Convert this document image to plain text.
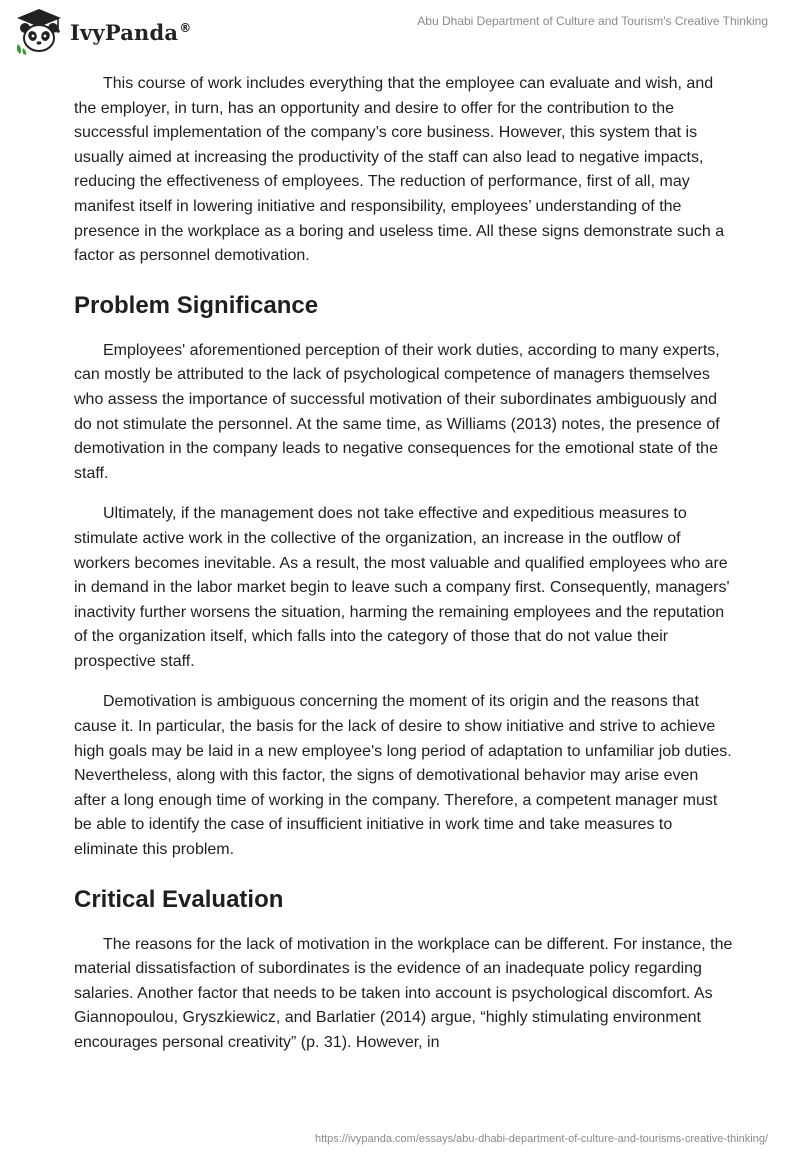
IvyPanda®	Abu Dhabi Department of Culture and Tourism's Creative Thinking

This course of work includes everything that the employee can evaluate and wish, and the employer, in turn, has an opportunity and desire to offer for the contribution to the successful implementation of the company’s core business. However, this system that is usually aimed at increasing the productivity of the staff can also lead to negative impacts, reducing the effectiveness of employees. The reduction of performance, first of all, may manifest itself in lowering initiative and responsibility, employees’ understanding of the presence in the workplace as a boring and useless time. All these signs demonstrate such a factor as personnel demotivation.

Problem Significance

Employees' aforementioned perception of their work duties, according to many experts, can mostly be attributed to the lack of psychological competence of managers themselves who assess the importance of successful motivation of their subordinates ambiguously and do not stimulate the personnel. At the same time, as Williams (2013) notes, the presence of demotivation in the company leads to negative consequences for the emotional state of the staff.

Ultimately, if the management does not take effective and expeditious measures to stimulate active work in the collective of the organization, an increase in the outflow of workers becomes inevitable. As a result, the most valuable and qualified employees who are in demand in the labor market begin to leave such a company first. Consequently, managers' inactivity further worsens the situation, harming the remaining employees and the reputation of the organization itself, which falls into the category of those that do not value their prospective staff.

Demotivation is ambiguous concerning the moment of its origin and the reasons that cause it. In particular, the basis for the lack of desire to show initiative and strive to achieve high goals may be laid in a new employee's long period of adaptation to unfamiliar job duties. Nevertheless, along with this factor, the signs of demotivational behavior may arise even after a long enough time of working in the company. Therefore, a competent manager must be able to identify the case of insufficient initiative in work time and take measures to eliminate this problem.

Critical Evaluation

The reasons for the lack of motivation in the workplace can be different. For instance, the material dissatisfaction of subordinates is the evidence of an inadequate policy regarding salaries. Another factor that needs to be taken into account is psychological discomfort. As Giannopoulou, Gryszkiewicz, and Barlatier (2014) argue, “highly stimulating environment encourages personal creativity” (p. 31). However, in

https://ivypanda.com/essays/abu-dhabi-department-of-culture-and-tourisms-creative-thinking/
